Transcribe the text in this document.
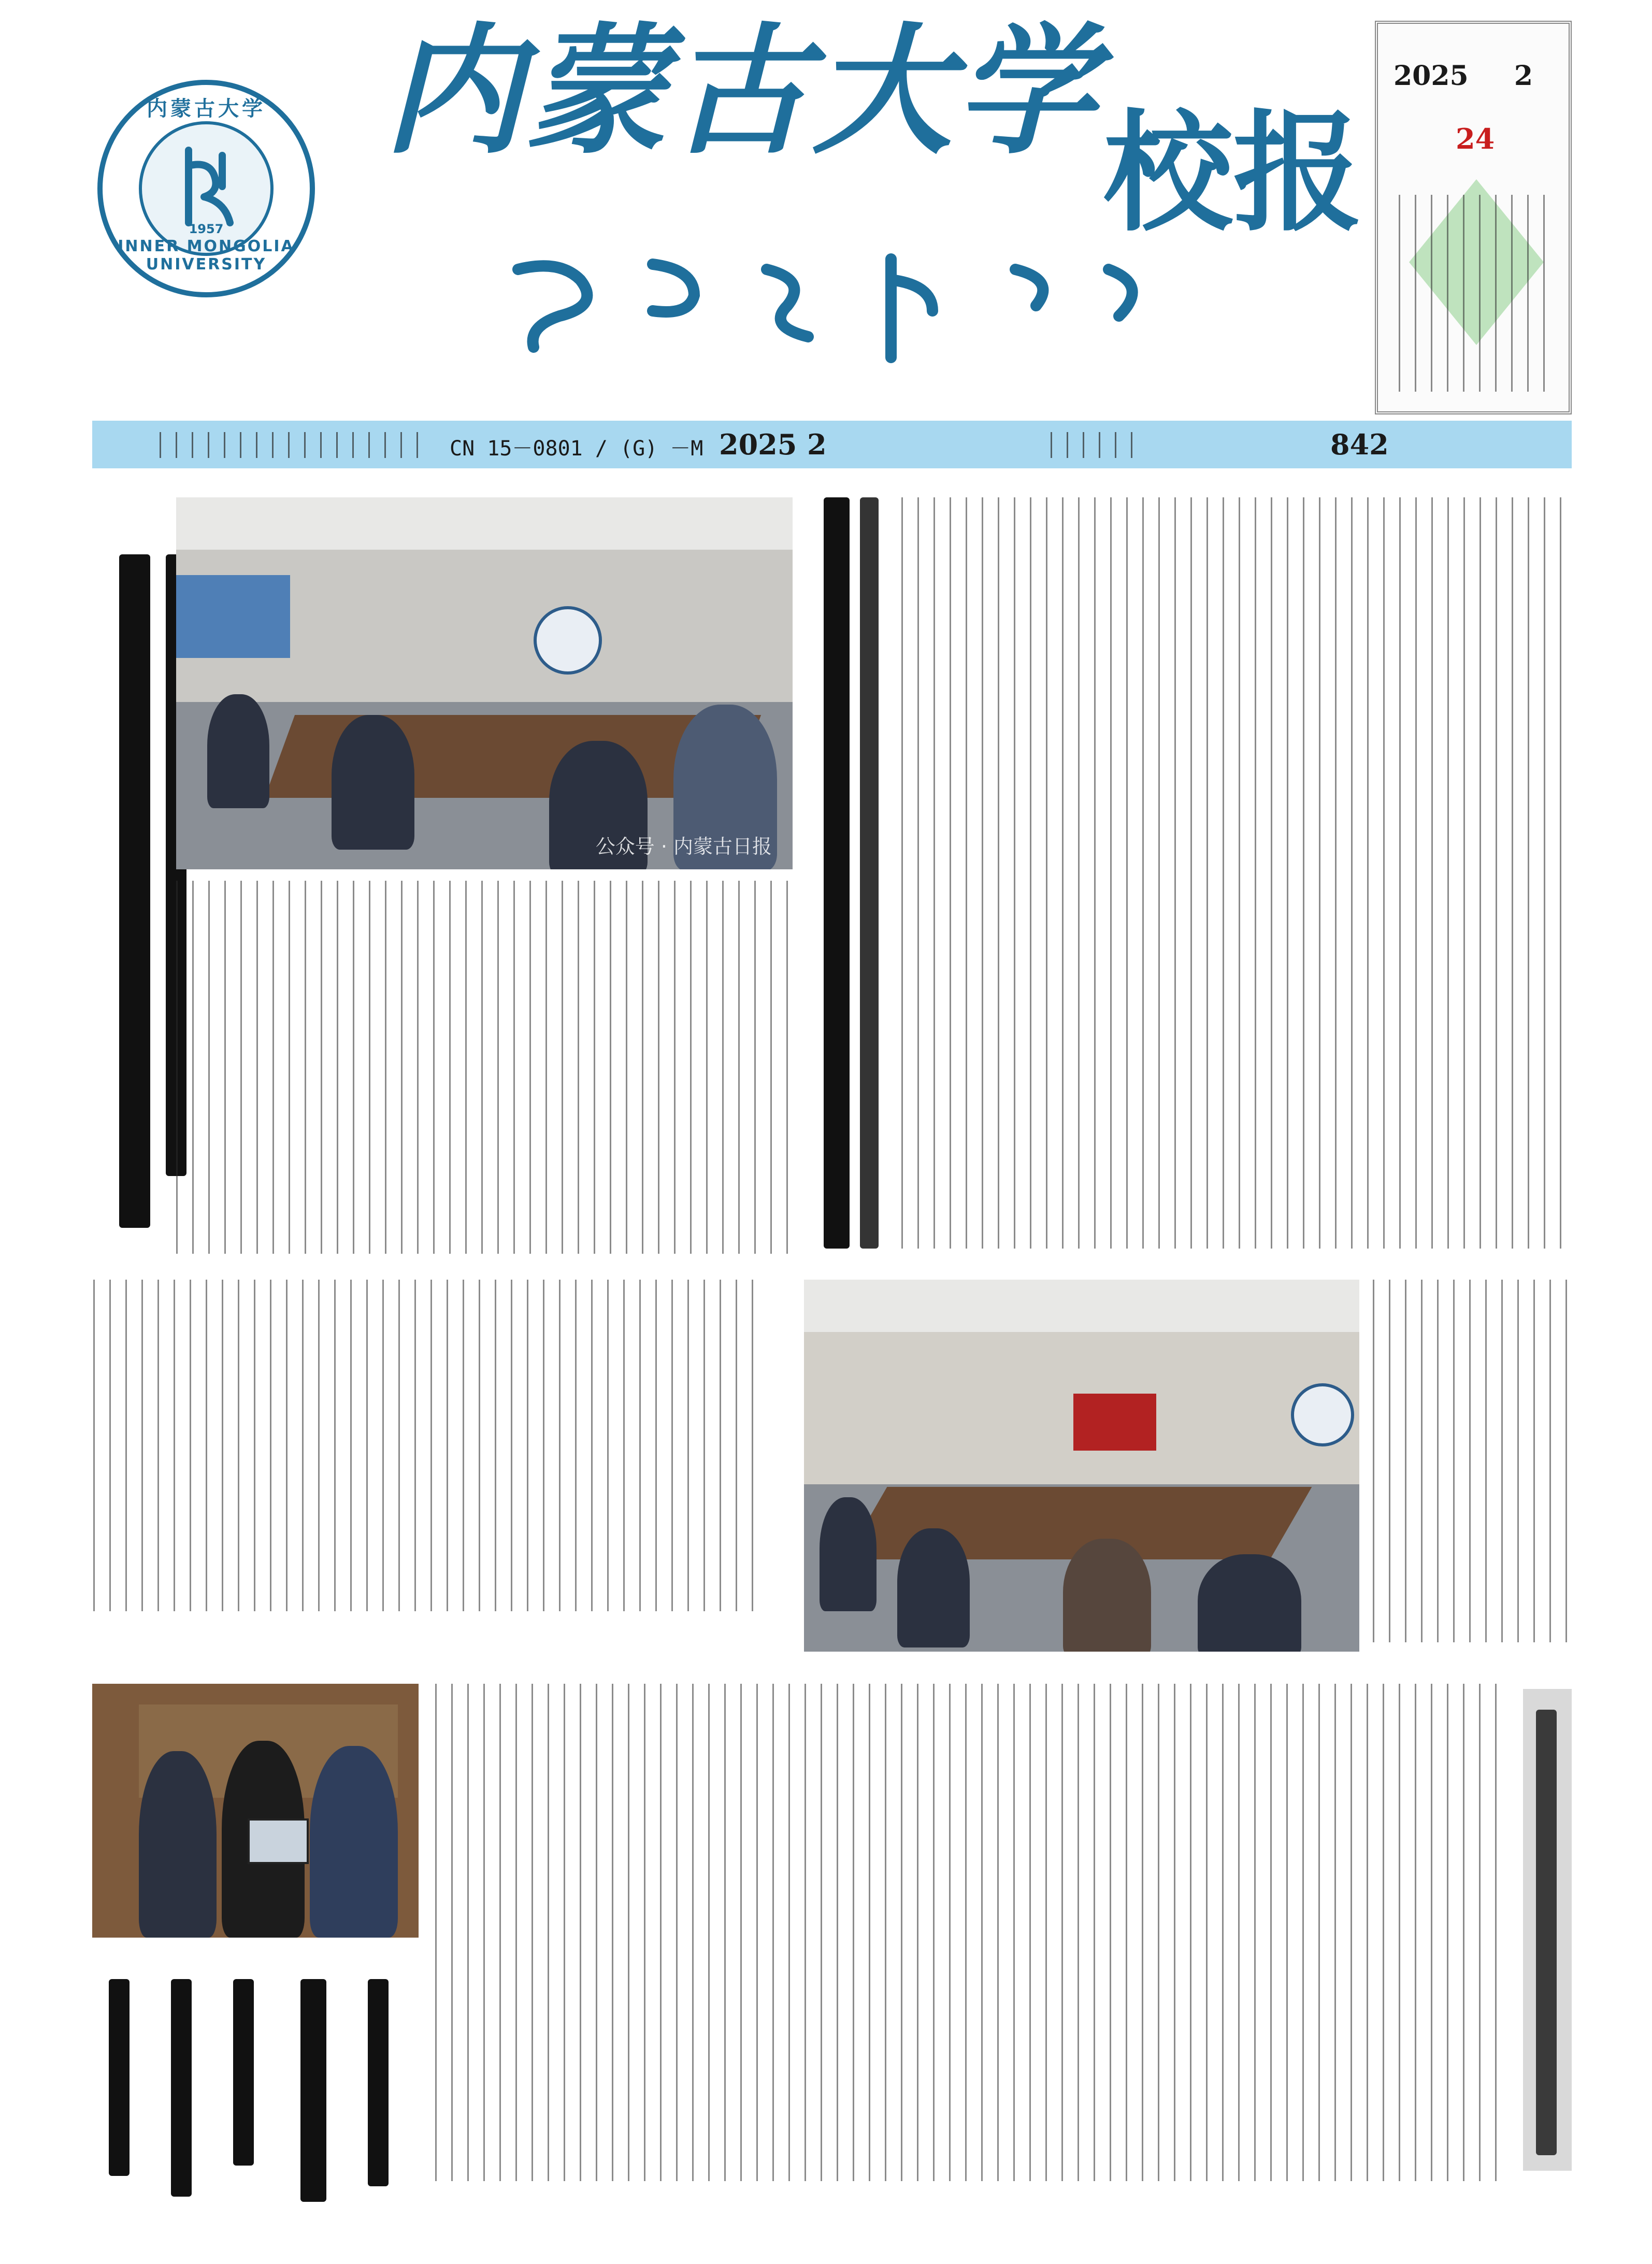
内蒙古大学
1957
INNER MONGOLIA UNIVERSITY
内蒙古大学
校报
2025 2
24
CN 15－0801 / (G) －M 2025 2	842
公众号 · 内蒙古日报
